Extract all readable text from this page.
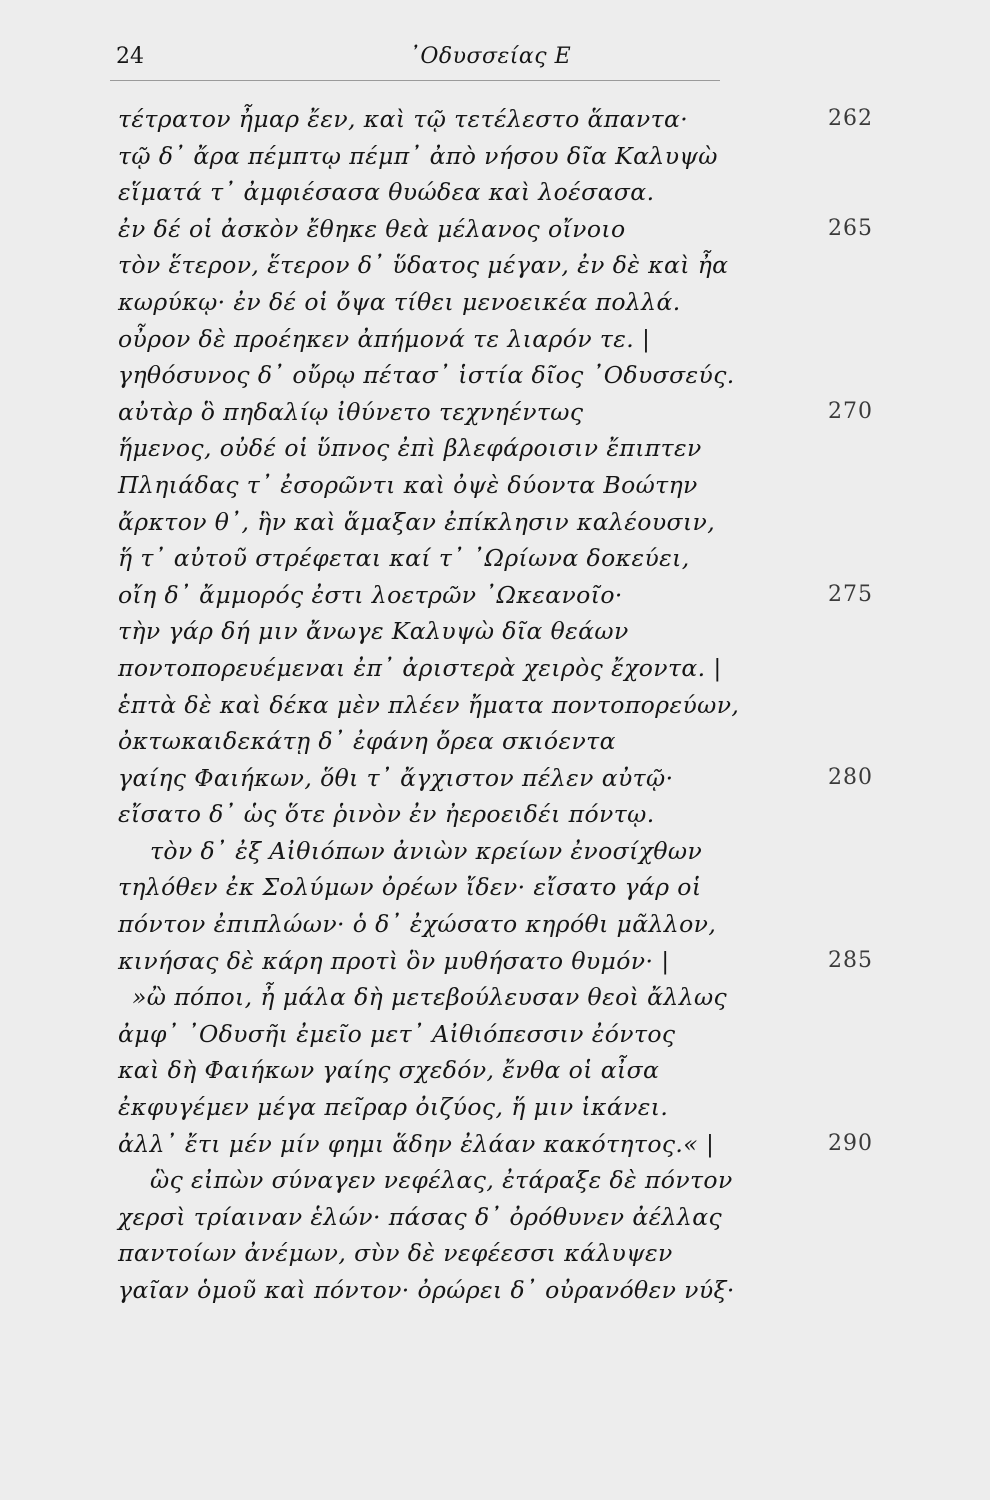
24	᾿Οδυσσείας Ε
τέτρατον ἦμαρ ἔεν, καὶ τῷ τετέλεστο ἅπαντα·	262
τῷ δ᾿ ἄρα πέμπτῳ πέμπ᾿ ἀπὸ νήσου δῖα Καλυψὼ
εἵματά τ᾿ ἀμφιέσασα θυώδεα καὶ λοέσασα.
ἐν δέ οἱ ἀσκὸν ἔθηκε θεὰ μέλανος οἴνοιο	265
τὸν ἕτερον, ἕτερον δ᾿ ὕδατος μέγαν, ἐν δὲ καὶ ἦα
κωρύκῳ· ἐν δέ οἱ ὄψα τίθει μενοεικέα πολλά.
οὖρον δὲ προέηκεν ἀπήμονά τε λιαρόν τε. |
γηθόσυνος δ᾿ οὔρῳ πέτασ᾿ ἱστία δῖος ᾿Οδυσσεύς.
αὐτὰρ ὃ πηδαλίῳ ἰθύνετο τεχνηέντως	270
ἥμενος, οὐδέ οἱ ὕπνος ἐπὶ βλεφάροισιν ἔπιπτεν
Πληιάδας τ᾿ ἐσορῶντι καὶ ὀψὲ δύοντα Βοώτην
ἄρκτον θ᾿, ἣν καὶ ἅμαξαν ἐπίκλησιν καλέουσιν,
ἥ τ᾿ αὐτοῦ στρέφεται καί τ᾿ ᾿Ωρίωνα δοκεύει,
οἴη δ᾿ ἄμμορός ἐστι λοετρῶν ᾿Ωκεανοῖο·	275
τὴν γάρ δή μιν ἄνωγε Καλυψὼ δῖα θεάων
ποντοπορευέμεναι ἐπ᾿ ἀριστερὰ χειρὸς ἔχοντα. |
ἑπτὰ δὲ καὶ δέκα μὲν πλέεν ἤματα ποντοπορεύων,
ὀκτωκαιδεκάτῃ δ᾿ ἐφάνη ὄρεα σκιόεντα
γαίης Φαιήκων, ὅθι τ᾿ ἄγχιστον πέλεν αὐτῷ·	280
εἴσατο δ᾿ ὡς ὅτε ῥινὸν ἐν ἠεροειδέι πόντῳ.
τὸν δ᾿ ἐξ Αἰθιόπων ἀνιὼν κρείων ἐνοσίχθων
τηλόθεν ἐκ Σολύμων ὀρέων ἴδεν· εἴσατο γάρ οἱ
πόντον ἐπιπλώων· ὁ δ᾿ ἐχώσατο κηρόθι μᾶλλον,
κινήσας δὲ κάρη προτὶ ὃν μυθήσατο θυμόν· |	285
»ὢ πόποι, ἦ μάλα δὴ μετεβούλευσαν θεοὶ ἄλλως
ἀμφ᾿ ᾿Οδυσῆι ἐμεῖο μετ᾿ Αἰθιόπεσσιν ἐόντος
καὶ δὴ Φαιήκων γαίης σχεδόν, ἔνθα οἱ αἶσα
ἐκφυγέμεν μέγα πεῖραρ ὀιζύος, ἥ μιν ἱκάνει.
ἀλλ᾿ ἔτι μέν μίν φημι ἅδην ἐλάαν κακότητος.« |	290
ὣς εἰπὼν σύναγεν νεφέλας, ἐτάραξε δὲ πόντον
χερσὶ τρίαιναν ἑλών· πάσας δ᾿ ὀρόθυνεν ἀέλλας
παντοίων ἀνέμων, σὺν δὲ νεφέεσσι κάλυψεν
γαῖαν ὁμοῦ καὶ πόντον· ὀρώρει δ᾿ οὐρανόθεν νύξ·
